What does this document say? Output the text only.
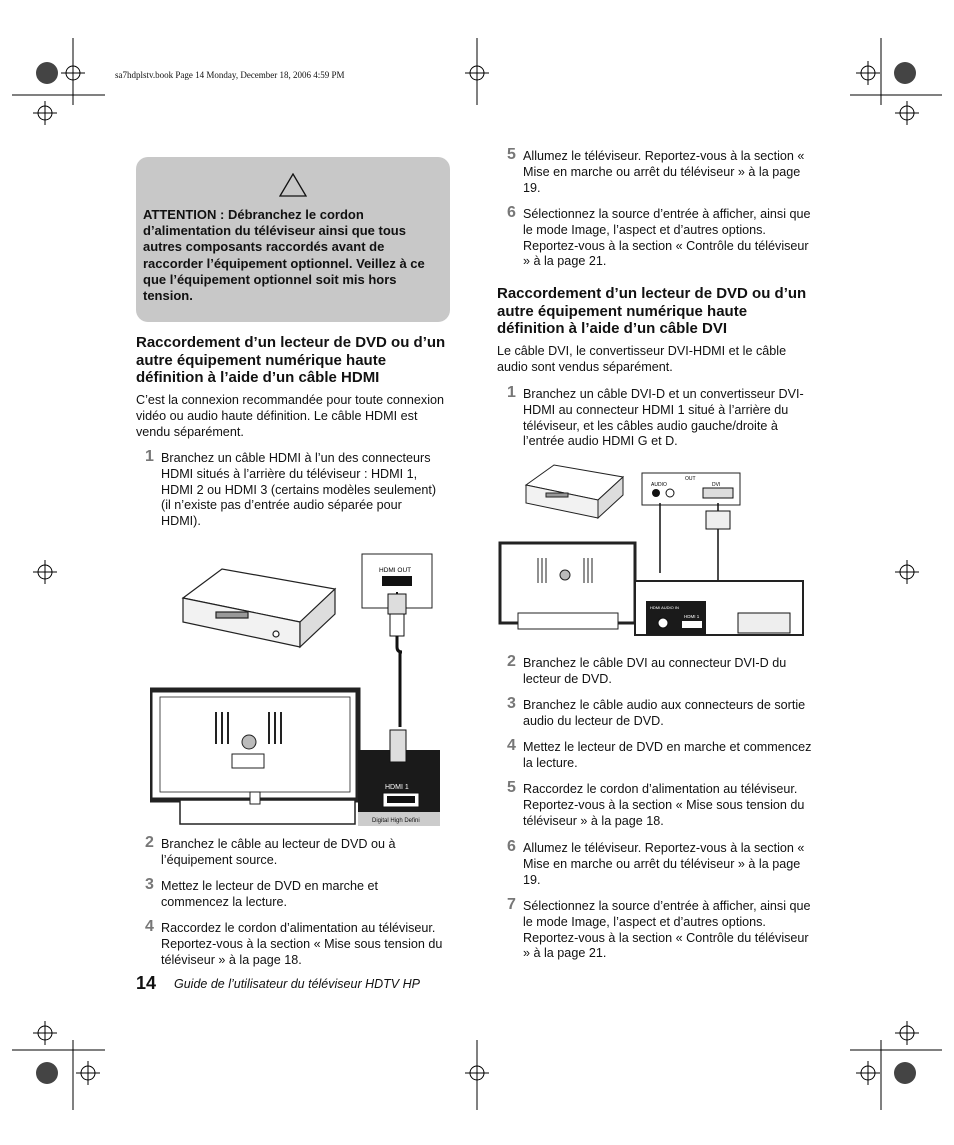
sa7hdplstv.book Page 14 Monday, December 18, 2006 4:59 PM
ATTENTION : Débranchez le cordon d’alimentation du téléviseur ainsi que tous autres composants raccordés avant de raccorder l’équipement optionnel. Veillez à ce que l’équipement optionnel soit mis hors tension.
Raccordement d’un lecteur de DVD ou d’un autre équipement numérique haute définition à l’aide d’un câble HDMI

C’est la connexion recommandée pour toute connexion vidéo ou audio haute définition. Le câble HDMI est vendu séparément.

1 Branchez un câble HDMI à l’un des connecteurs HDMI situés à l’arrière du téléviseur : HDMI 1, HDMI 2 ou HDMI 3 (certains modèles seulement) (il n’existe pas d’entrée audio séparée pour HDMI).
HDMI OUT
HDMI 1
Digital High Defini
2 Branchez le câble au lecteur de DVD ou à l’équipement source.
3 Mettez le lecteur de DVD en marche et commencez la lecture.
4 Raccordez le cordon d’alimentation au téléviseur. Reportez-vous à la section « Mise sous tension du téléviseur » à la page 18.
5 Allumez le téléviseur. Reportez-vous à la section « Mise en marche ou arrêt du téléviseur » à la page 19.
6 Sélectionnez la source d’entrée à afficher, ainsi que le mode Image, l’aspect et d’autres options. Reportez-vous à la section « Contrôle du téléviseur » à la page 21.
Raccordement d’un lecteur de DVD ou d’un autre équipement numérique haute définition à l’aide d’un câble DVI

Le câble DVI, le convertisseur DVI-HDMI et le câble audio sont vendus séparément.

1 Branchez un câble DVI-D et un convertisseur DVI-HDMI au connecteur HDMI 1 situé à l’arrière du téléviseur, et les câbles audio gauche/droite à l’entrée audio HDMI G et D.
OUT
AUDIO	DVI
HDMI AUDIO IN
HDMI 1
2 Branchez le câble DVI au connecteur DVI-D du lecteur de DVD.
3 Branchez le câble audio aux connecteurs de sortie audio du lecteur de DVD.
4 Mettez le lecteur de DVD en marche et commencez la lecture.
5 Raccordez le cordon d’alimentation au téléviseur. Reportez-vous à la section « Mise sous tension du téléviseur » à la page 18.
6 Allumez le téléviseur. Reportez-vous à la section « Mise en marche ou arrêt du téléviseur » à la page 19.
7 Sélectionnez la source d’entrée à afficher, ainsi que le mode Image, l’aspect et d’autres options. Reportez-vous à la section « Contrôle du téléviseur » à la page 21.
14 Guide de l’utilisateur du téléviseur HDTV HP
